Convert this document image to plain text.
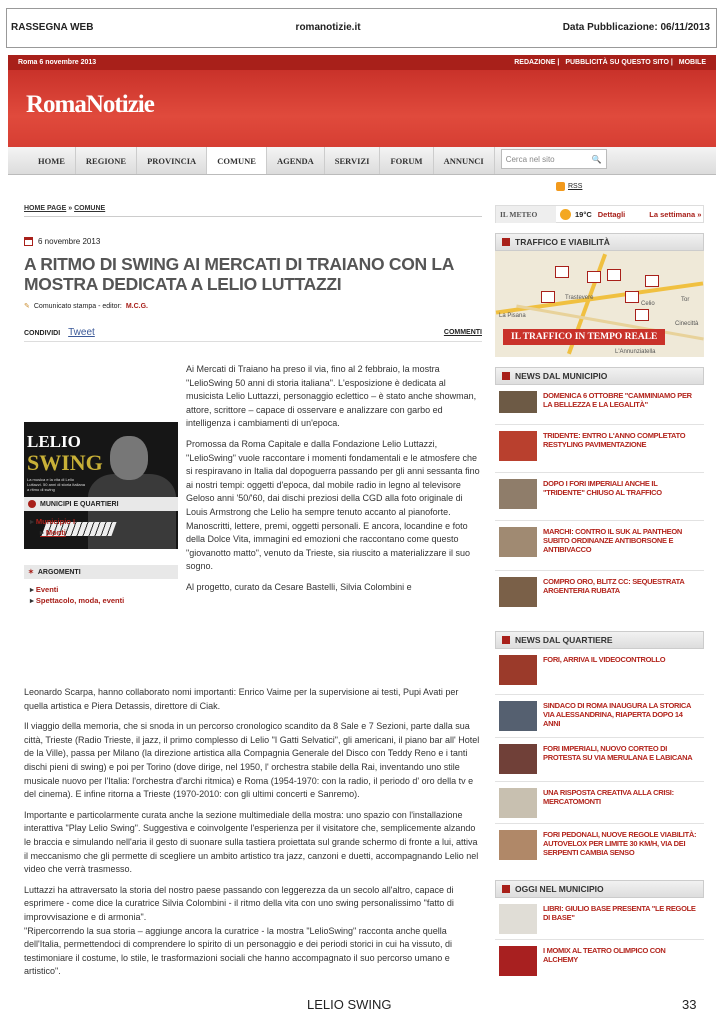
RASSEGNA WEB	romanotizie.it	Data Pubblicazione: 06/11/2013
Roma 6 novembre 2013	REDAZIONE | PUBBLICITÀ SU QUESTO SITO | MOBILE
RomaNotizie
HOME	REGIONE	PROVINCIA	COMUNE	AGENDA	SERVIZI	FORUM	ANNUNCI	Cerca nel sito	🔍
RSS
HOME PAGE » COMUNE
6 novembre 2013
A RITMO DI SWING AI MERCATI DI TRAIANO CON LA MOSTRA DEDICATA A LELIO LUTTAZZI
✎ Comunicato stampa - editor: M.C.G.
CONDIVIDI Tweet	COMMENTI
LELIO
SWING
La musica e la vita di Lelio Luttazzi. 50 anni di storia italiana a ritmo di swing
MUNICIPI E QUARTIERI
▸ Municipio I
▸ Monti
✶ ARGOMENTI
▸ Eventi
▸ Spettacolo, moda, eventi

Ai Mercati di Traiano ha preso il via, fino al 2 febbraio, la mostra "LelioSwing 50 anni di storia italiana". L'esposizione è dedicata al musicista Lelio Luttazzi, personaggio eclettico – è stato anche showman, attore, scrittore – capace di osservare e analizzare con garbo ed intelligenza i cambiamenti di un'epoca.

Promossa da Roma Capitale e dalla Fondazione Lelio Luttazzi, "LelioSwing" vuole raccontare i momenti fondamentali e le atmosfere che si respiravano in Italia dal dopoguerra passando per gli anni sessanta fino ai nostri tempi: oggetti d'epoca, dal mobile radio in legno al televisore Geloso anni '50/'60, dai dischi preziosi della CGD alla foto originale di Louis Armstrong che Lelio ha sempre tenuto accanto al pianoforte. Manoscritti, lettere, premi, oggetti personali. E ancora, locandine e foto della Dolce Vita, immagini ed emozioni che raccontano come questo "giovanotto matto", venuto da Trieste, sia riuscito a materializzare il suo sogno.

Al progetto, curato da Cesare Bastelli, Silvia Colombini e

Leonardo Scarpa, hanno collaborato nomi importanti: Enrico Vaime per la supervisione ai testi, Pupi Avati per quella artistica e Piera Detassis, direttore di Ciak.

Il viaggio della memoria, che si snoda in un percorso cronologico scandito da 8 Sale e 7 Sezioni, parte dalla sua città, Trieste (Radio Trieste, il jazz, il primo complesso di Lelio "I Gatti Selvatici", gli americani, il piano bar all' Hotel de la Ville), passa per Milano (la direzione artistica alla Compagnia Generale del Disco con Teddy Reno e i tanti dischi pieni di swing) e poi per Torino (dove dirige, nel 1950, l' orchestra stabile della Rai, inventando uno stile musicale nuovo per l'Italia: l'orchestra d'archi ritmica) e Roma (1954-1970: con la radio, il periodo d' oro della tv e del cinema). E infine ritorna a Trieste (1970-2010: con gli ultimi concerti e Sanremo).

Importante e particolarmente curata anche la sezione multimediale della mostra: uno spazio con l'installazione interattiva "Play Lelio Swing". Suggestiva e coinvolgente l'esperienza per il visitatore che, semplicemente alzando le braccia e simulando nell'aria il gesto di suonare sulla tastiera proiettata sul grande schermo di fronte a lui, attiva il meccanismo che gli permette di scegliere un ambito artistico tra jazz, canzoni e duetti, accompagnando Lelio nel video che verrà trasmesso.

Luttazzi ha attraversato la storia del nostro paese passando con leggerezza da un secolo all'altro, capace di esprimere - come dice la curatrice Silvia Colombini - il ritmo della vita con uno swing personalissimo "fatto di improvvisazione e di armonia".
"Ripercorrendo la sua storia – aggiunge ancora la curatrice - la mostra "LelioSwing" racconta anche quella dell'Italia, permettendoci di comprendere lo spirito di un personaggio e dei periodi storici in cui ha vissuto, di testimoniare il costume, lo stile, le trasformazioni sociali che hanno accompagnato il suo percorso umano e artistico".

IL METEO	19°C Dettagli	La settimana »
TRAFFICO E VIABILITÀ
Trastevere
La Pisana
Celio
Tor
Cinecittà
L'Annunziatella
IL TRAFFICO IN TEMPO REALE
NEWS DAL MUNICIPIO
DOMENICA 6 OTTOBRE "CAMMINIAMO PER LA BELLEZZA E LA LEGALITÀ"
TRIDENTE: ENTRO L'ANNO COMPLETATO RESTYLING PAVIMENTAZIONE
DOPO I FORI IMPERIALI ANCHE IL "TRIDENTE" CHIUSO AL TRAFFICO
MARCHI: CONTRO IL SUK AL PANTHEON SUBITO ORDINANZE ANTIBORSONE E ANTIBIVACCO
COMPRO ORO, BLITZ CC: SEQUESTRATA ARGENTERIA RUBATA
NEWS DAL QUARTIERE
FORI, ARRIVA IL VIDEOCONTROLLO
SINDACO DI ROMA INAUGURA LA STORICA VIA ALESSANDRINA, RIAPERTA DOPO 14 ANNI
FORI IMPERIALI, NUOVO CORTEO DI PROTESTA SU VIA MERULANA E LABICANA
UNA RISPOSTA CREATIVA ALLA CRISI: MERCATOMONTI
FORI PEDONALI, NUOVE REGOLE VIABILITÀ: AUTOVELOX PER LIMITE 30 KM/H, VIA DEI SERPENTI CAMBIA SENSO
OGGI NEL MUNICIPIO
LIBRI: GIULIO BASE PRESENTA "LE REGOLE DI BASE"
I MOMIX AL TEATRO OLIMPICO CON ALCHEMY
LELIO SWING	33
